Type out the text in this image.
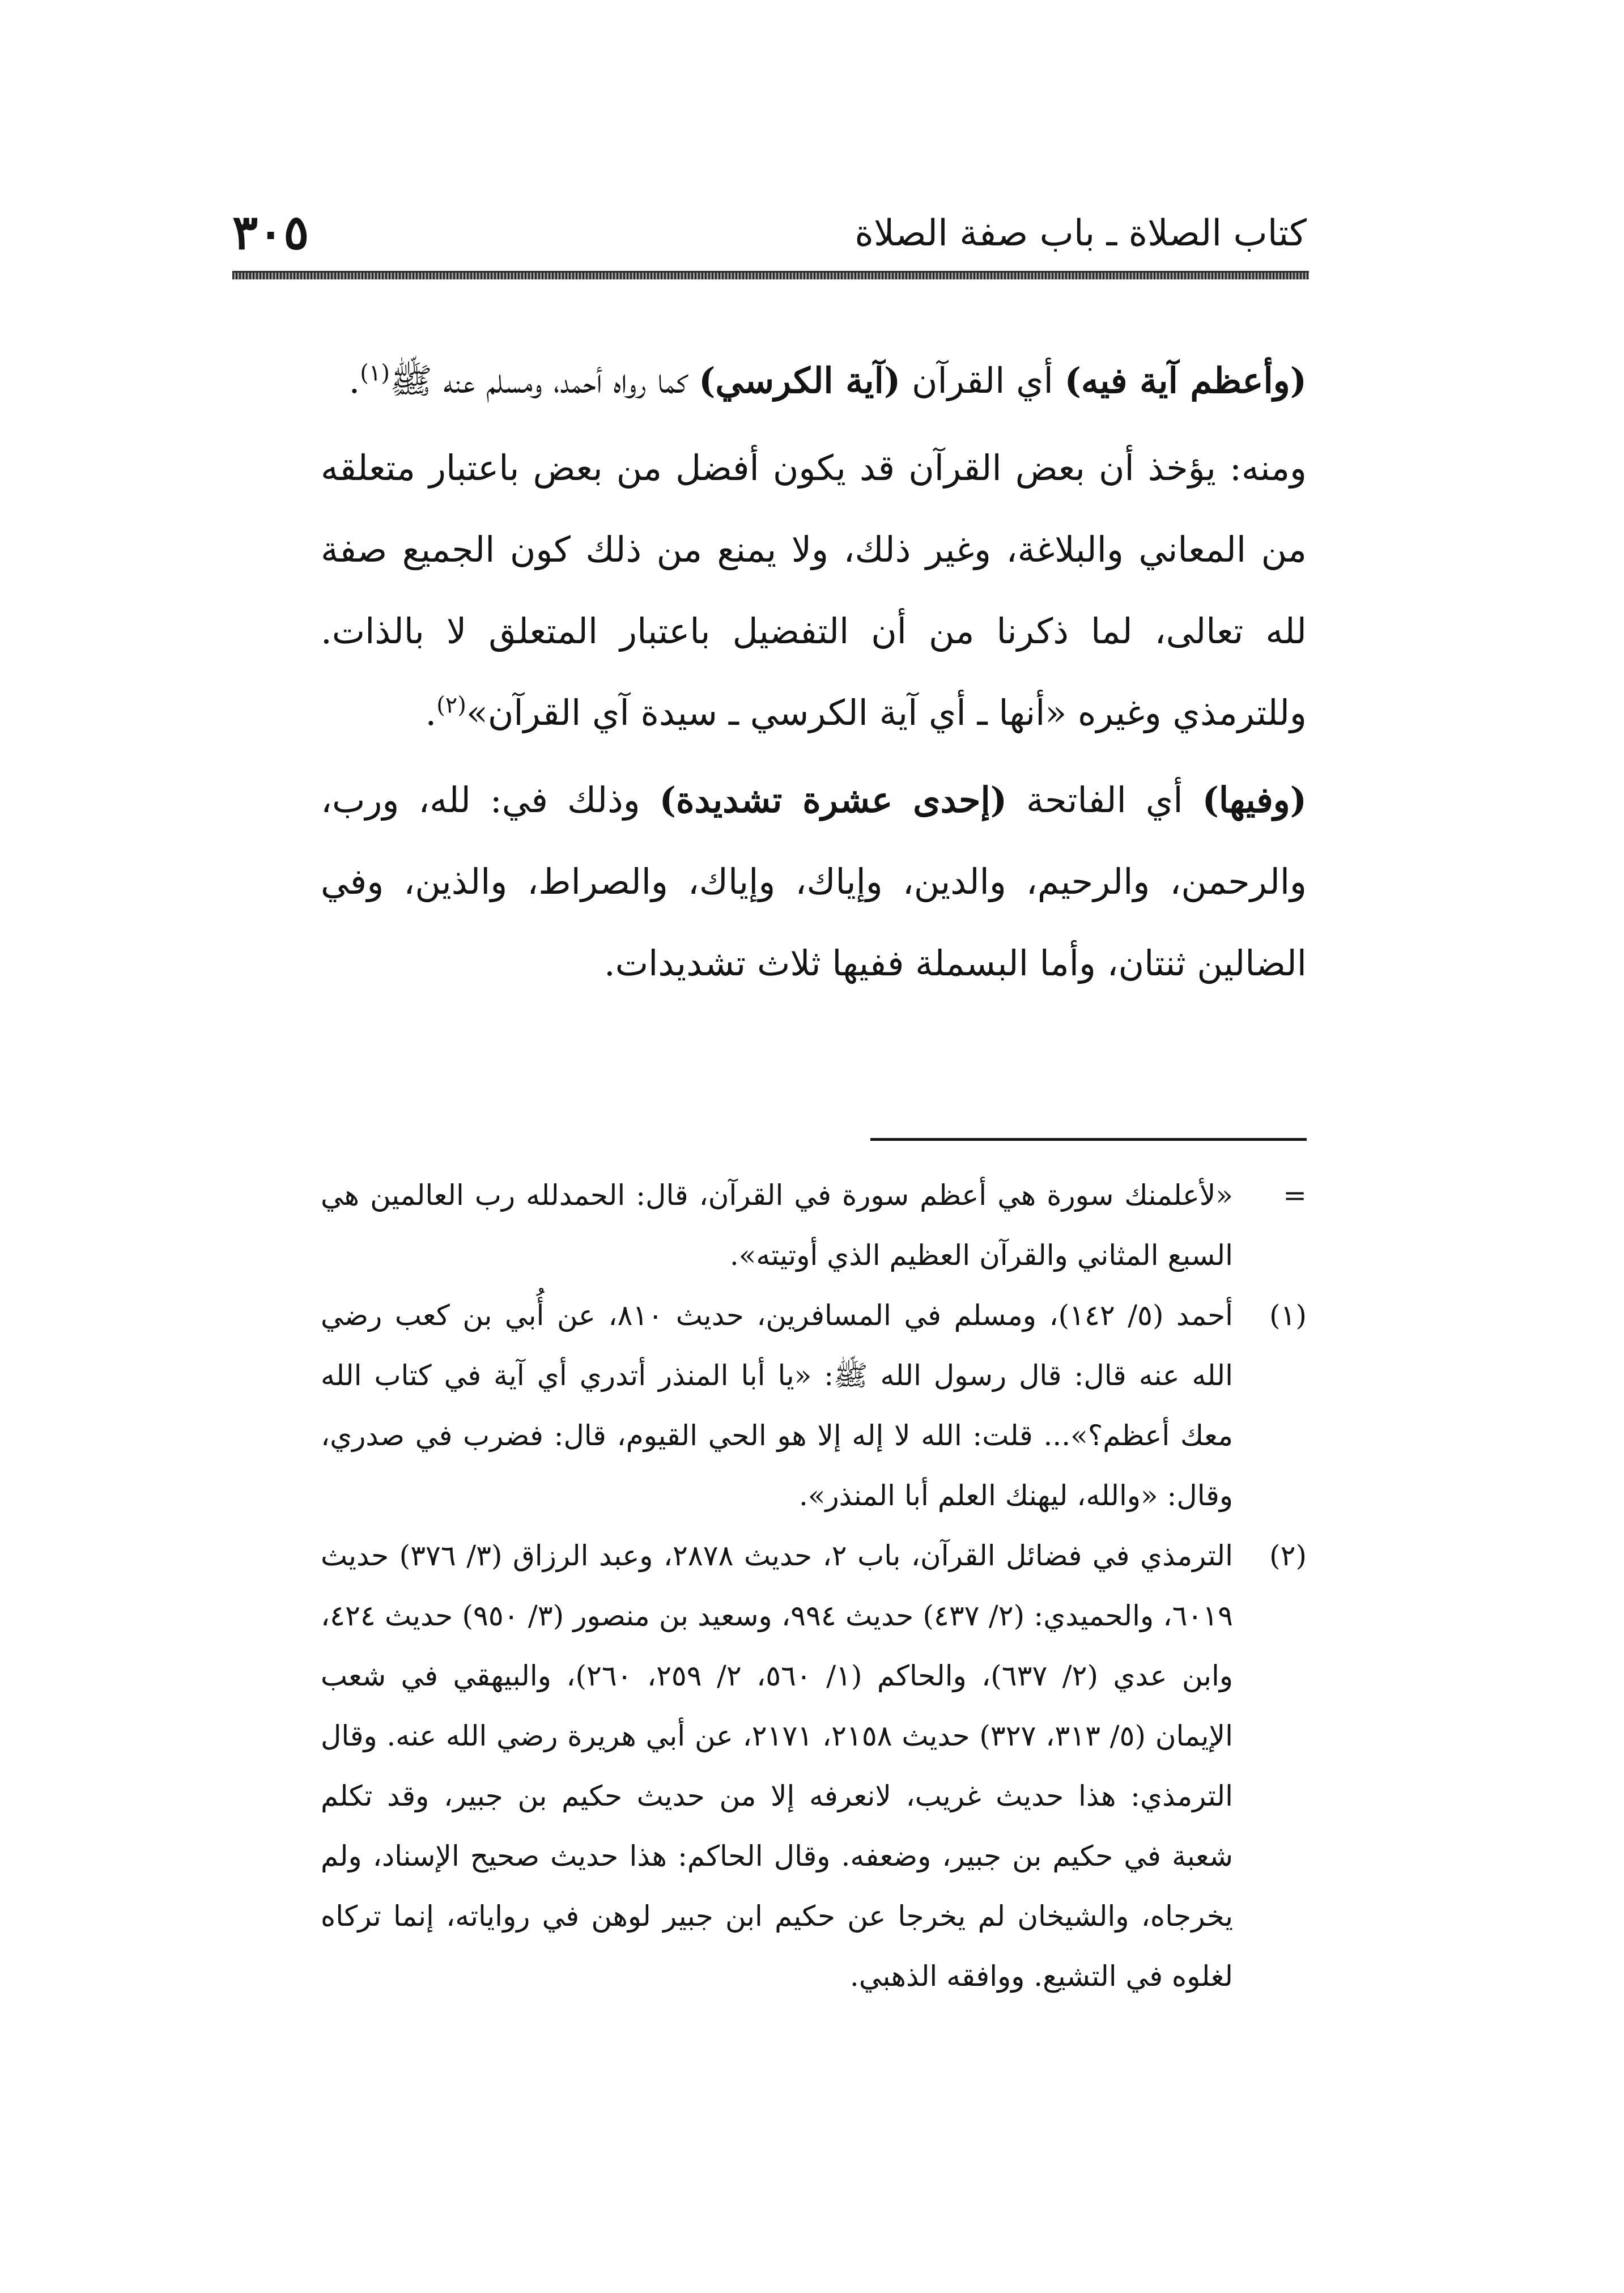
كتاب الصلاة ـ باب صفة الصلاة
٣٠٥

(وأعظم آية فيه) أي القرآن (آية الكرسي) كما رواه أحمد، ومسلم عنه ﷺ$^{(١)}$.

ومنه: يؤخذ أن بعض القرآن قد يكون أفضل من بعض باعتبار متعلقه من المعاني والبلاغة، وغير ذلك، ولا يمنع من ذلك كون الجميع صفة لله تعالى، لما ذكرنا من أن التفضيل باعتبار المتعلق لا بالذات. وللترمذي وغيره «أنها ـ أي آية الكرسي ـ سيدة آي القرآن»$^{(٢)}$.

(وفيها) أي الفاتحة (إحدى عشرة تشديدة) وذلك في: لله، ورب، والرحمن، والرحيم، والدين، وإياك، وإياك، والصراط، والذين، وفي الضالين ثنتان، وأما البسملة ففيها ثلاث تشديدات.

=
«لأعلمنك سورة هي أعظم سورة في القرآن، قال: الحمدلله رب العالمين هي السبع المثاني والقرآن العظيم الذي أوتيته».
(١)
أحمد (٥/ ١٤٢)، ومسلم في المسافرين، حديث ٨١٠، عن أُبي بن كعب رضي الله عنه قال: قال رسول الله ﷺ: «يا أبا المنذر أتدري أي آية في كتاب الله معك أعظم؟»... قلت: الله لا إله إلا هو الحي القيوم، قال: فضرب في صدري، وقال: «والله، ليهنك العلم أبا المنذر».
(٢)
الترمذي في فضائل القرآن، باب ٢، حديث ٢٨٧٨، وعبد الرزاق (٣/ ٣٧٦) حديث ٦٠١٩، والحميدي: (٢/ ٤٣٧) حديث ٩٩٤، وسعيد بن منصور (٣/ ٩٥٠) حديث ٤٢٤، وابن عدي (٢/ ٦٣٧)، والحاكم (١/ ٥٦٠، ٢/ ٢٥٩، ٢٦٠)، والبيهقي في شعب الإيمان (٥/ ٣١٣، ٣٢٧) حديث ٢١٥٨، ٢١٧١، عن أبي هريرة رضي الله عنه. وقال الترمذي: هذا حديث غريب، لانعرفه إلا من حديث حكيم بن جبير، وقد تكلم شعبة في حكيم بن جبير، وضعفه. وقال الحاكم: هذا حديث صحيح الإسناد، ولم يخرجاه، والشيخان لم يخرجا عن حكيم ابن جبير لوهن في رواياته، إنما تركاه لغلوه في التشيع. ووافقه الذهبي.
